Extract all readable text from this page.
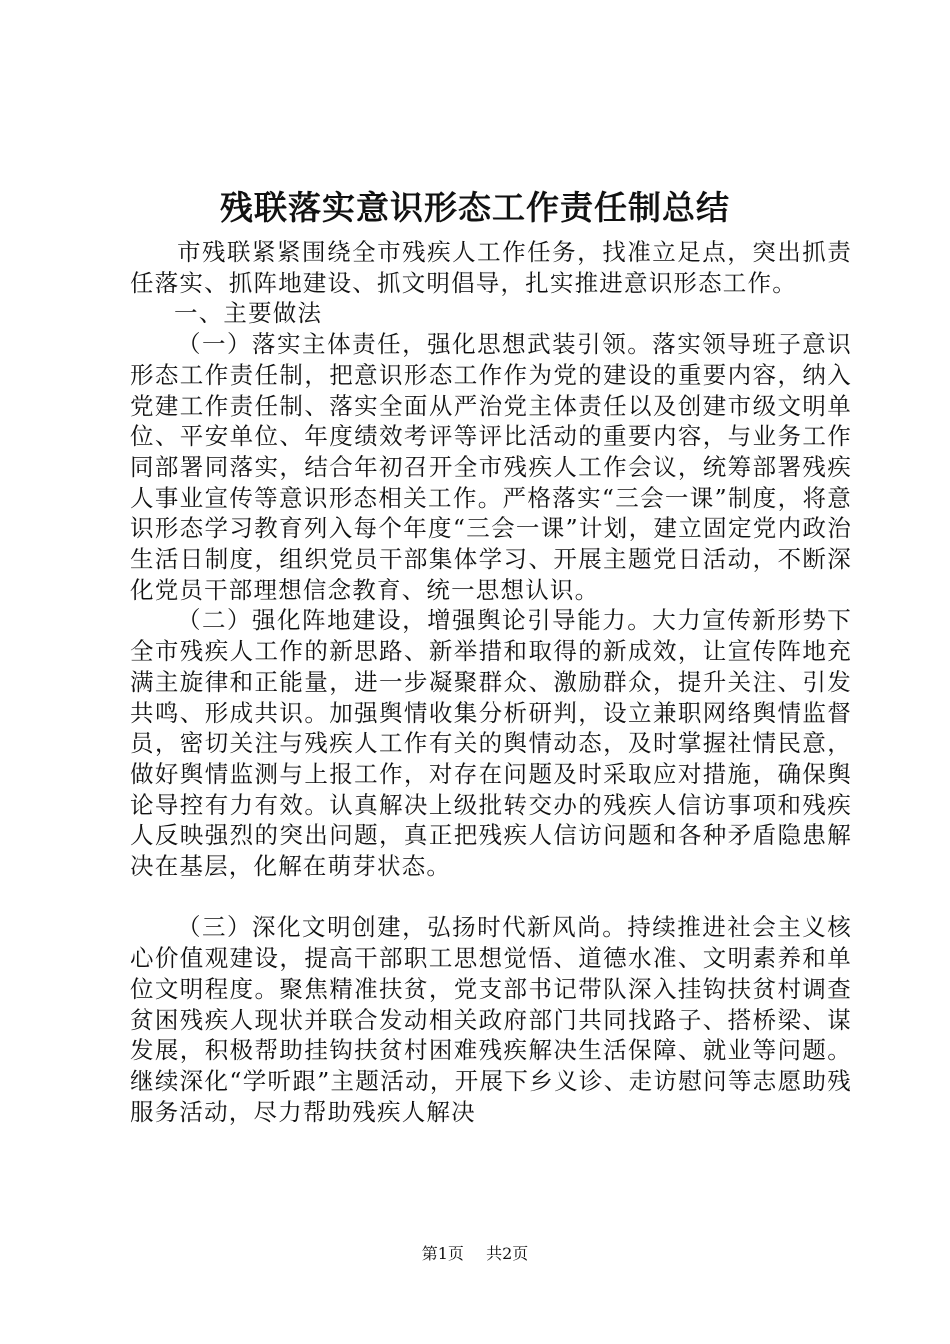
残联落实意识形态工作责任制总结

市残联紧紧围绕全市残疾人工作任务，找准立足点，突出抓责任落实、抓阵地建设、抓文明倡导，扎实推进意识形态工作。

一、主要做法

（一）落实主体责任，强化思想武装引领。落实领导班子意识形态工作责任制，把意识形态工作作为党的建设的重要内容，纳入党建工作责任制、落实全面从严治党主体责任以及创建市级文明单位、平安单位、年度绩效考评等评比活动的重要内容，与业务工作同部署同落实，结合年初召开全市残疾人工作会议，统筹部署残疾人事业宣传等意识形态相关工作。严格落实“三会一课”制度，将意识形态学习教育列入每个年度“三会一课”计划，建立固定党内政治生活日制度，组织党员干部集体学习、开展主题党日活动，不断深化党员干部理想信念教育、统一思想认识。

（二）强化阵地建设，增强舆论引导能力。大力宣传新形势下全市残疾人工作的新思路、新举措和取得的新成效，让宣传阵地充满主旋律和正能量，进一步凝聚群众、激励群众，提升关注、引发共鸣、形成共识。加强舆情收集分析研判，设立兼职网络舆情监督员，密切关注与残疾人工作有关的舆情动态，及时掌握社情民意，做好舆情监测与上报工作，对存在问题及时采取应对措施，确保舆论导控有力有效。认真解决上级批转交办的残疾人信访事项和残疾人反映强烈的突出问题，真正把残疾人信访问题和各种矛盾隐患解决在基层，化解在萌芽状态。

（三）深化文明创建，弘扬时代新风尚。持续推进社会主义核心价值观建设，提高干部职工思想觉悟、道德水准、文明素养和单位文明程度。聚焦精准扶贫，党支部书记带队深入挂钩扶贫村调查贫困残疾人现状并联合发动相关政府部门共同找路子、搭桥梁、谋发展，积极帮助挂钩扶贫村困难残疾解决生活保障、就业等问题。继续深化“学听跟”主题活动，开展下乡义诊、走访慰问等志愿助残服务活动，尽力帮助残疾人解决

第1页 共2页
